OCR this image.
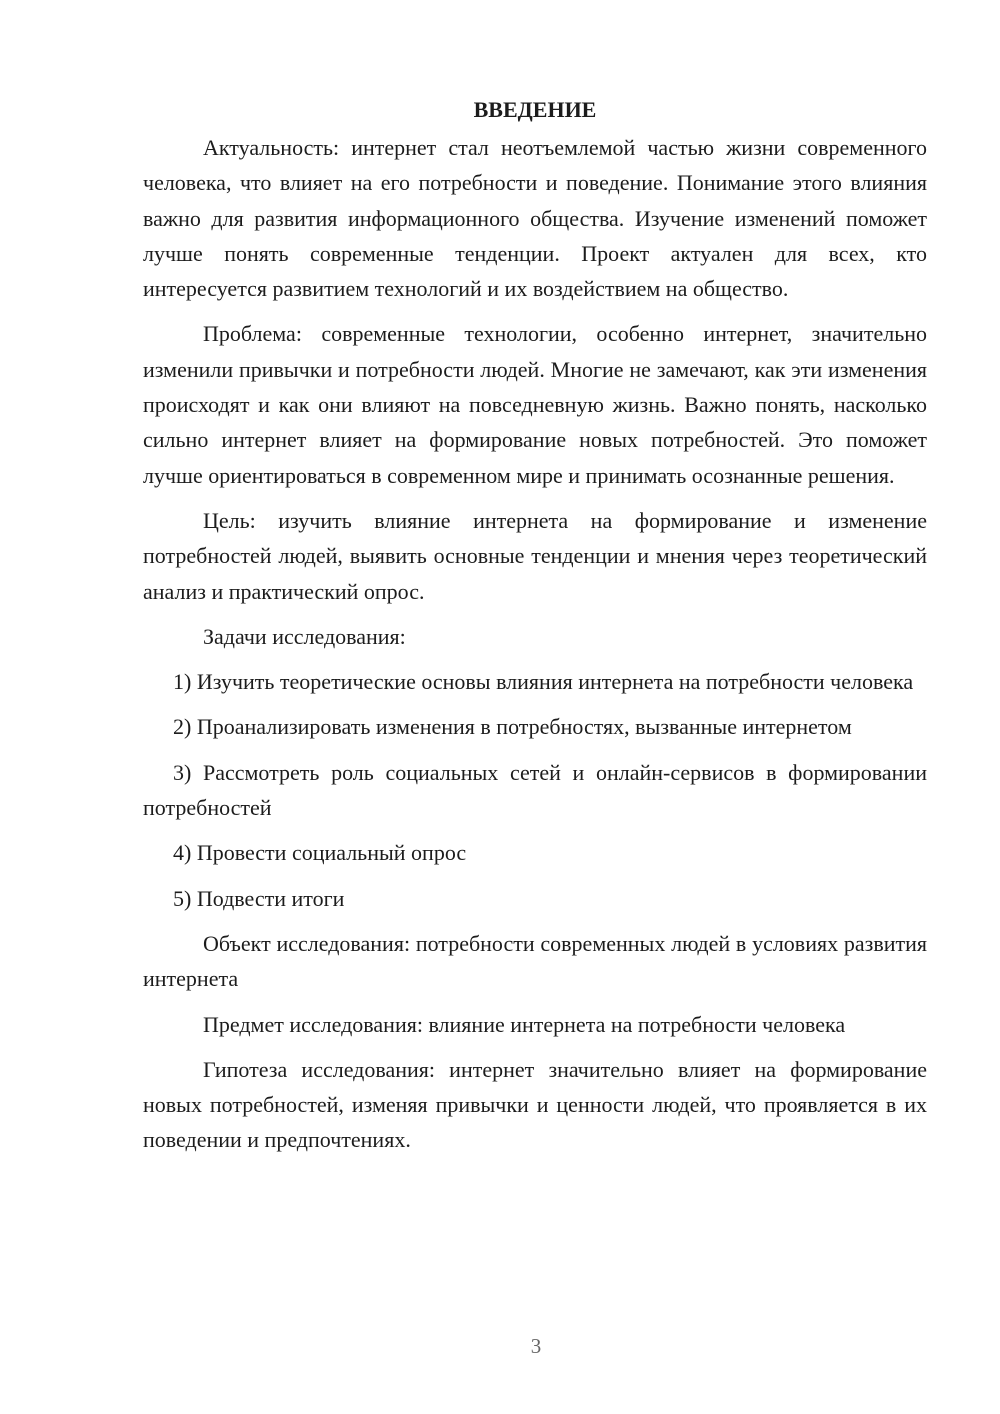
ВВЕДЕНИЕ

Актуальность: интернет стал неотъемлемой частью жизни современного человека, что влияет на его потребности и поведение. Понимание этого влияния важно для развития информационного общества. Изучение изменений поможет лучше понять современные тенденции. Проект актуален для всех, кто интересуется развитием технологий и их воздействием на общество.

Проблема: современные технологии, особенно интернет, значительно изменили привычки и потребности людей. Многие не замечают, как эти изменения происходят и как они влияют на повседневную жизнь. Важно понять, насколько сильно интернет влияет на формирование новых потребностей. Это поможет лучше ориентироваться в современном мире и принимать осознанные решения.

Цель: изучить влияние интернета на формирование и изменение потребностей людей, выявить основные тенденции и мнения через теоретический анализ и практический опрос.

Задачи исследования:

1) Изучить теоретические основы влияния интернета на потребности человека

2) Проанализировать изменения в потребностях, вызванные интернетом

3) Рассмотреть роль социальных сетей и онлайн-сервисов в формировании потребностей

4) Провести социальный опрос

5) Подвести итоги

Объект исследования: потребности современных людей в условиях развития интернета

Предмет исследования: влияние интернета на потребности человека

Гипотеза исследования: интернет значительно влияет на формирование новых потребностей, изменяя привычки и ценности людей, что проявляется в их поведении и предпочтениях.

3
